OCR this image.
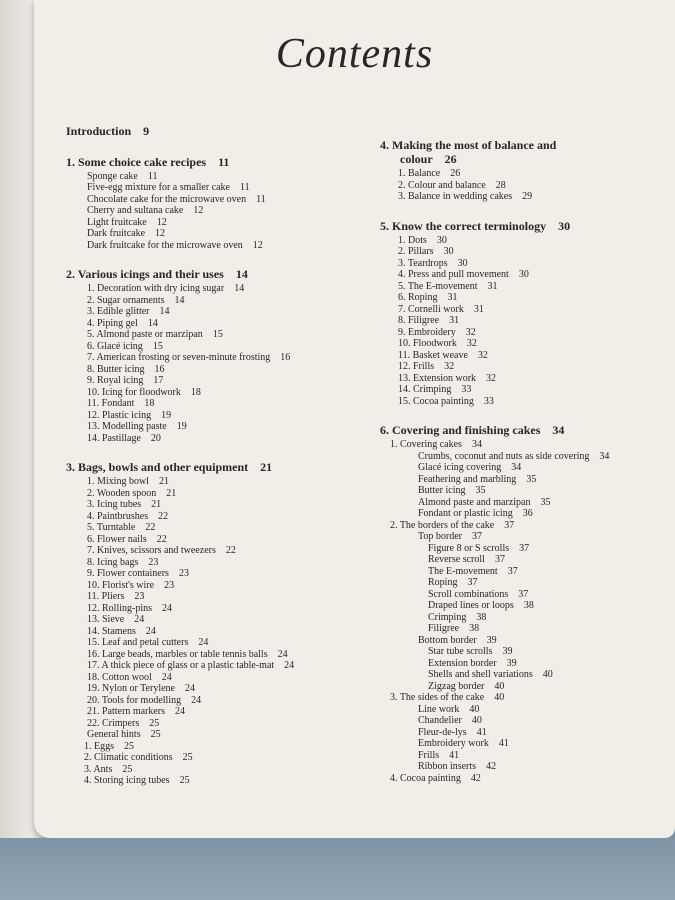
Contents
Introduction 9
1. Some choice cake recipes 11
Sponge cake 11
Five-egg mixture for a smaller cake 11
Chocolate cake for the microwave oven 11
Cherry and sultana cake 12
Light fruitcake 12
Dark fruitcake 12
Dark fruitcake for the microwave oven 12
2. Various icings and their uses 14
1. Decoration with dry icing sugar 14
2. Sugar ornaments 14
3. Edible glitter 14
4. Piping gel 14
5. Almond paste or marzipan 15
6. Glacé icing 15
7. American frosting or seven-minute frosting 16
8. Butter icing 16
9. Royal icing 17
10. Icing for floodwork 18
11. Fondant 18
12. Plastic icing 19
13. Modelling paste 19
14. Pastillage 20
3. Bags, bowls and other equipment 21
1. Mixing bowl 21
2. Wooden spoon 21
3. Icing tubes 21
4. Paintbrushes 22
5. Turntable 22
6. Flower nails 22
7. Knives, scissors and tweezers 22
8. Icing bags 23
9. Flower containers 23
10. Florist's wire 23
11. Pliers 23
12. Rolling-pins 24
13. Sieve 24
14. Stamens 24
15. Leaf and petal cutters 24
16. Large beads, marbles or table tennis balls 24
17. A thick piece of glass or a plastic table-mat 24
18. Cotton wool 24
19. Nylon or Terylene 24
20. Tools for modelling 24
21. Pattern markers 24
22. Crimpers 25
General hints 25
1. Eggs 25
2. Climatic conditions 25
3. Ants 25
4. Storing icing tubes 25
4. Making the most of balance and
colour 26
1. Balance 26
2. Colour and balance 28
3. Balance in wedding cakes 29
5. Know the correct terminology 30
1. Dots 30
2. Pillars 30
3. Teardrops 30
4. Press and pull movement 30
5. The E-movement 31
6. Roping 31
7. Cornelli work 31
8. Filigree 31
9. Embroidery 32
10. Floodwork 32
11. Basket weave 32
12. Frills 32
13. Extension work 32
14. Crimping 33
15. Cocoa painting 33
6. Covering and finishing cakes 34
1. Covering cakes 34
Crumbs, coconut and nuts as side covering 34
Glacé icing covering 34
Feathering and marbling 35
Butter icing 35
Almond paste and marzipan 35
Fondant or plastic icing 36
2. The borders of the cake 37
Top border 37
Figure 8 or S scrolls 37
Reverse scroll 37
The E-movement 37
Roping 37
Scroll combinations 37
Draped lines or loops 38
Crimping 38
Filigree 38
Bottom border 39
Star tube scrolls 39
Extension border 39
Shells and shell variations 40
Zigzag border 40
3. The sides of the cake 40
Line work 40
Chandelier 40
Fleur-de-lys 41
Embroidery work 41
Frills 41
Ribbon inserts 42
4. Cocoa painting 42
